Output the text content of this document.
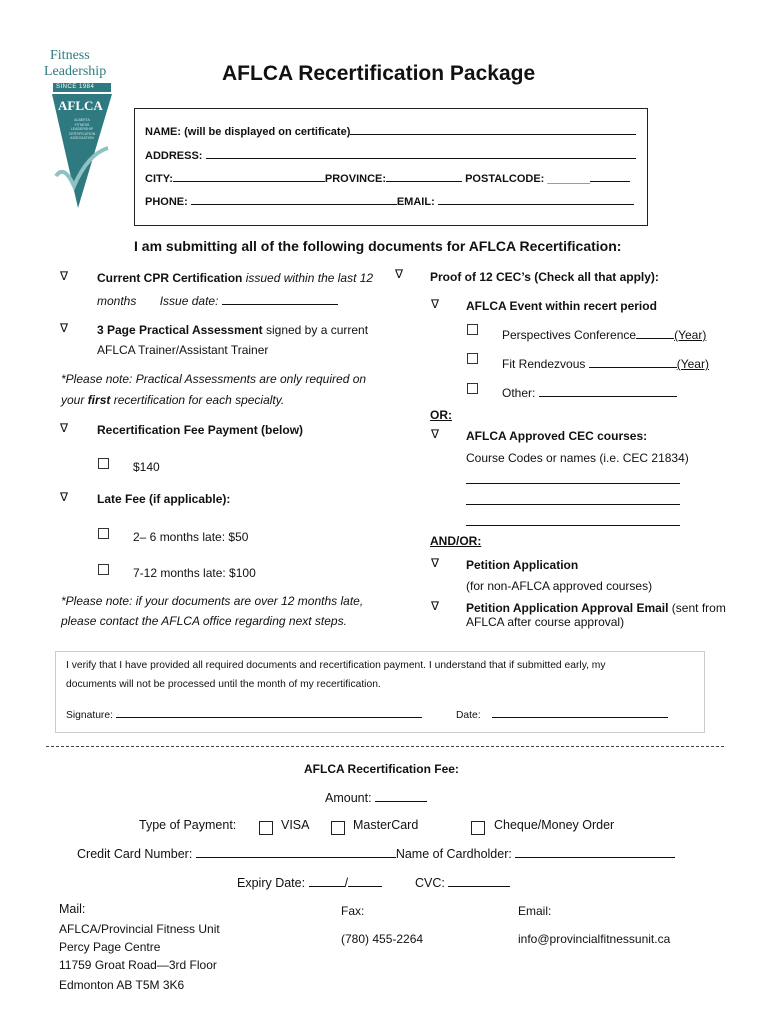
Fitness
Leadership
SINCE 1984
AFLCA
ALBERTA
FITNESS
LEADERSHIP
CERTIFICATION
ASSOCIATION
AFLCA Recertification Package
NAME: (will be displayed on certificate)
ADDRESS:
CITY:	PROVINCE:	POSTALCODE: _______
PHONE:	EMAIL:
I am submitting all of the following documents for AFLCA Recertification:
∇ Current CPR Certification issued within the last 12
months Issue date:
∇ 3 Page Practical Assessment signed by a current
AFLCA Trainer/Assistant Trainer
*Please note: Practical Assessments are only required on
your first recertification for each specialty.
∇ Recertification Fee Payment (below)
$140
∇ Late Fee (if applicable):
2– 6 months late: $50
7-12 months late: $100
*Please note: if your documents are over 12 months late,
please contact the AFLCA office regarding next steps.
∇ Proof of 12 CEC’s (Check all that apply):
∇ AFLCA Event within recert period
Perspectives Conference	(Year)
Fit Rendezvous	(Year)
Other:
OR:
∇ AFLCA Approved CEC courses:
Course Codes or names (i.e. CEC 21834)
AND/OR:
∇ Petition Application
(for non-AFLCA approved courses)
∇ Petition Application Approval Email (sent from
AFLCA after course approval)
I verify that I have provided all required documents and recertification payment. I understand that if submitted early, my
documents will not be processed until the month of my recertification.
Signature:	Date:
AFLCA Recertification Fee:
Amount:
Type of Payment:	VISA	MasterCard	Cheque/Money Order
Credit Card Number:	Name of Cardholder:
Expiry Date:	/	CVC:
Mail:
AFLCA/Provincial Fitness Unit
Percy Page Centre
11759 Groat Road—3rd Floor
Edmonton AB T5M 3K6
Fax:
(780) 455-2264
Email:
info@provincialfitnessunit.ca
